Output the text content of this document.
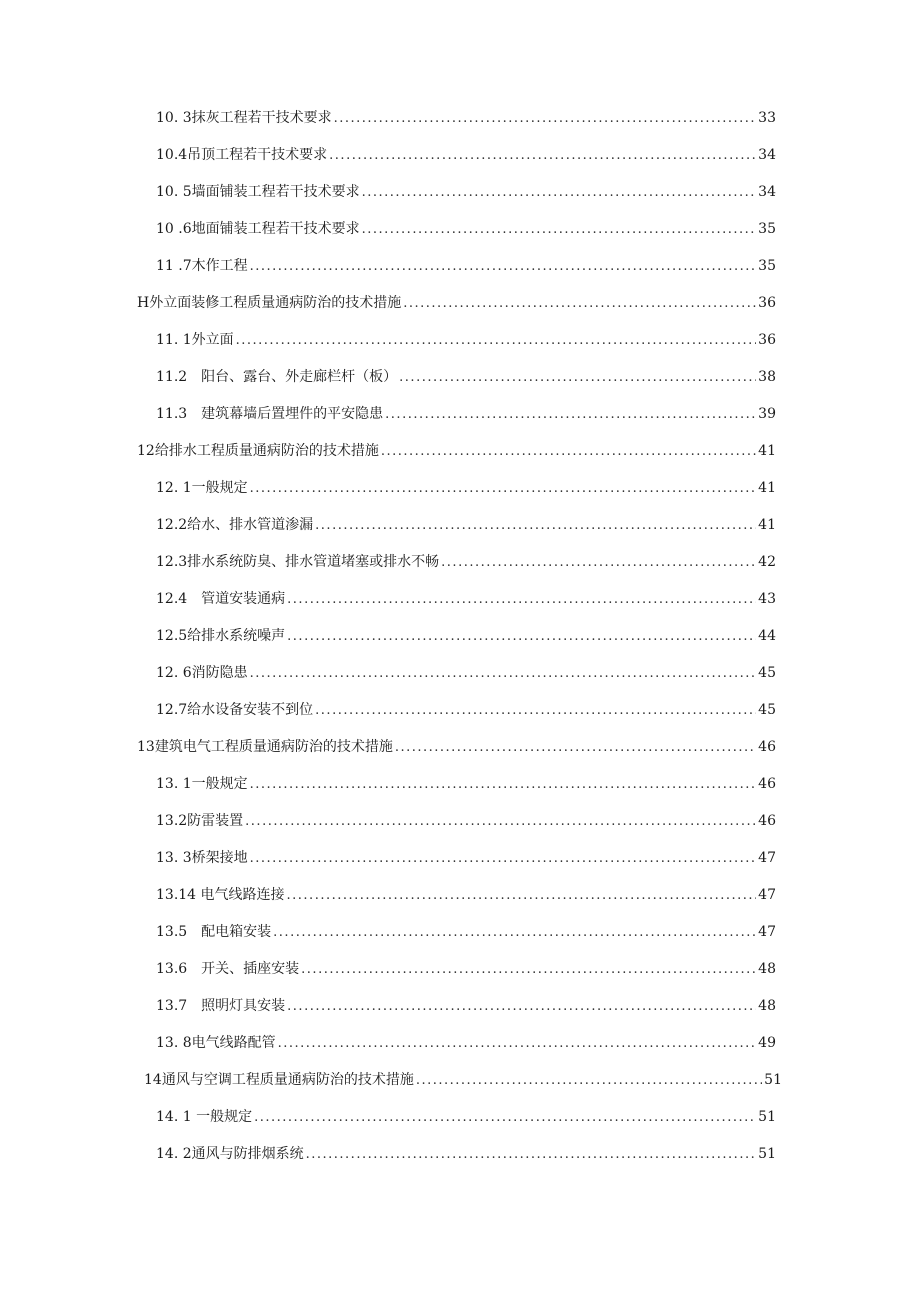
10. 3抹灰工程若干技术要求 .....	33
10.4吊顶工程若干技术要求 .....	34
10. 5墙面铺装工程若干技术要求 .....	34
10 .6地面铺装工程若干技术要求 .....	35
11 .7木作工程 .....	35
H外立面装修工程质量通病防治的技术措施 .....	36
11. 1外立面 .....	36
11.2　阳台、露台、外走廊栏杆（板） .....	38
11.3　建筑幕墙后置埋件的平安隐患 .....	39
12给排水工程质量通病防治的技术措施 .....	41
12. 1一般规定 .....	41
12.2给水、排水管道渗漏 .....	41
12.3排水系统防臭、排水管道堵塞或排水不畅 .....	42
12.4　管道安装通病 .....	43
12.5给排水系统噪声 .....	44
12. 6消防隐患 .....	45
12.7给水设备安装不到位 .....	45
13建筑电气工程质量通病防治的技术措施 .....	46
13. 1一般规定 .....	46
13.2防雷装置 .....	46
13. 3桥架接地 .....	47
13.14 电气线路连接 .....	47
13.5　配电箱安装 .....	47
13.6　开关、插座安装 .....	48
13.7　照明灯具安装 .....	48
13. 8电气线路配管 .....	49
14通风与空调工程质量通病防治的技术措施 .....	51
14. 1 一般规定 .....	51
14. 2通风与防排烟系统 .....	51
